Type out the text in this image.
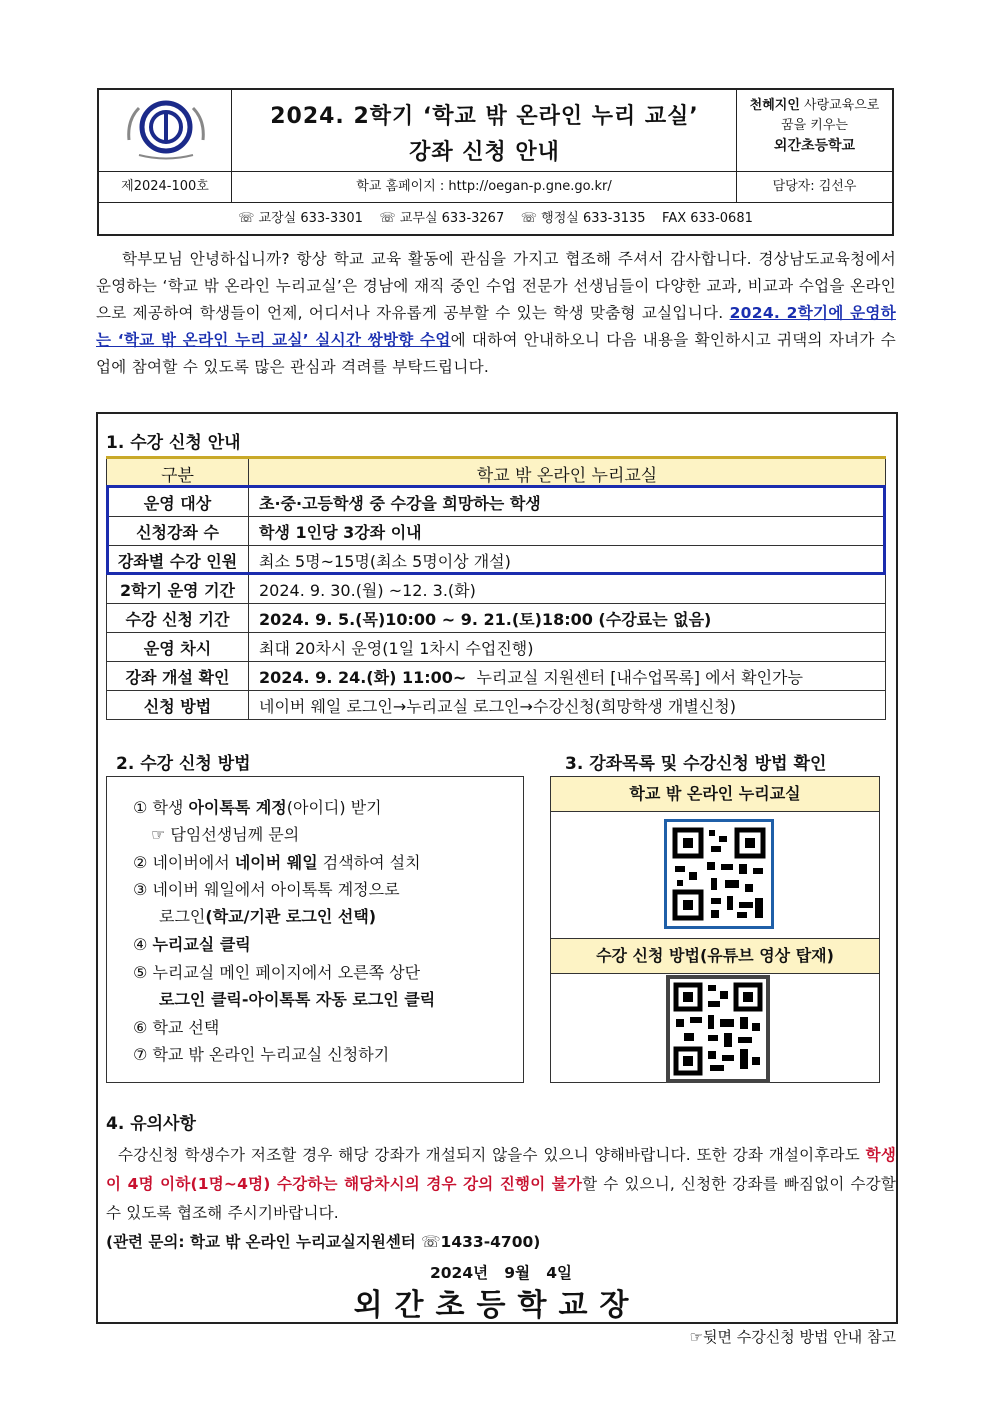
2024. 2학기 ‘학교 밖 온라인 누리 교실’
강좌 신청 안내
천혜지인 사랑교육으로
꿈을 키우는
외간초등학교
제2024-100호	학교 홈페이지 : http://oegan-p.gne.go.kr/	담당자: 김선우
☏ 교장실 633-3301    ☏ 교무실 633-3267    ☏ 행정실 633-3135    FAX 633-0681

학부모님 안녕하십니까? 항상 학교 교육 활동에 관심을 가지고 협조해 주셔서 감사합니다. 경상남도교육청에서 운영하는 ‘학교 밖 온라인 누리교실’은 경남에 재직 중인 수업 전문가 선생님들이 다양한 교과, 비교과 수업을 온라인으로 제공하여 학생들이 언제, 어디서나 자유롭게 공부할 수 있는 학생 맞춤형 교실입니다. 2024. 2학기에 운영하는 ‘학교 밖 온라인 누리 교실’ 실시간 쌍방향 수업에 대하여 안내하오니 다음 내용을 확인하시고 귀댁의 자녀가 수업에 참여할 수 있도록 많은 관심과 격려를 부탁드립니다.

1. 수강 신청 안내
구분	학교 밖 온라인 누리교실
운영 대상	초·중·고등학생 중 수강을 희망하는 학생
신청강좌 수	학생 1인당 3강좌 이내
강좌별 수강 인원	최소 5명~15명(최소 5명이상 개설)
2학기 운영 기간	2024. 9. 30.(월) ~12. 3.(화)
수강 신청 기간	2024. 9. 5.(목)10:00 ~ 9. 21.(토)18:00 (수강료는 없음)
운영 차시	최대 20차시 운영(1일 1차시 수업진행)
강좌 개설 확인	2024. 9. 24.(화) 11:00~  누리교실 지원센터 [내수업목록] 에서 확인가능
신청 방법	네이버 웨일 로그인→누리교실 로그인→수강신청(희망학생 개별신청)
2. 수강 신청 방법
① 학생 아이톡톡 계정(아이디) 받기
☞ 담임선생님께 문의
② 네이버에서 네이버 웨일 검색하여 설치
③ 네이버 웨일에서 아이톡톡 계정으로
로그인(학교/기관 로그인 선택)
④ 누리교실 클릭
⑤ 누리교실 메인 페이지에서 오른쪽 상단
로그인 클릭-아이톡톡 자동 로그인 클릭
⑥ 학교 선택
⑦ 학교 밖 온라인 누리교실 신청하기
3. 강좌목록 및 수강신청 방법 확인
학교 밖 온라인 누리교실
수강 신청 방법(유튜브 영상 탑재)
4. 유의사항
수강신청 학생수가 저조할 경우 해당 강좌가 개설되지 않을수 있으니 양해바랍니다. 또한 강좌 개설이후라도 학생이 4명 이하(1명~4명) 수강하는 해당차시의 경우 강의 진행이 불가할 수 있으니, 신청한 강좌를 빠짐없이 수강할 수 있도록 협조해 주시기바랍니다.
(관련 문의: 학교 밖 온라인 누리교실지원센터 ☏1433-4700)
2024년   9월   4일
외간초등학교장
☞뒷면 수강신청 방법 안내 참고
